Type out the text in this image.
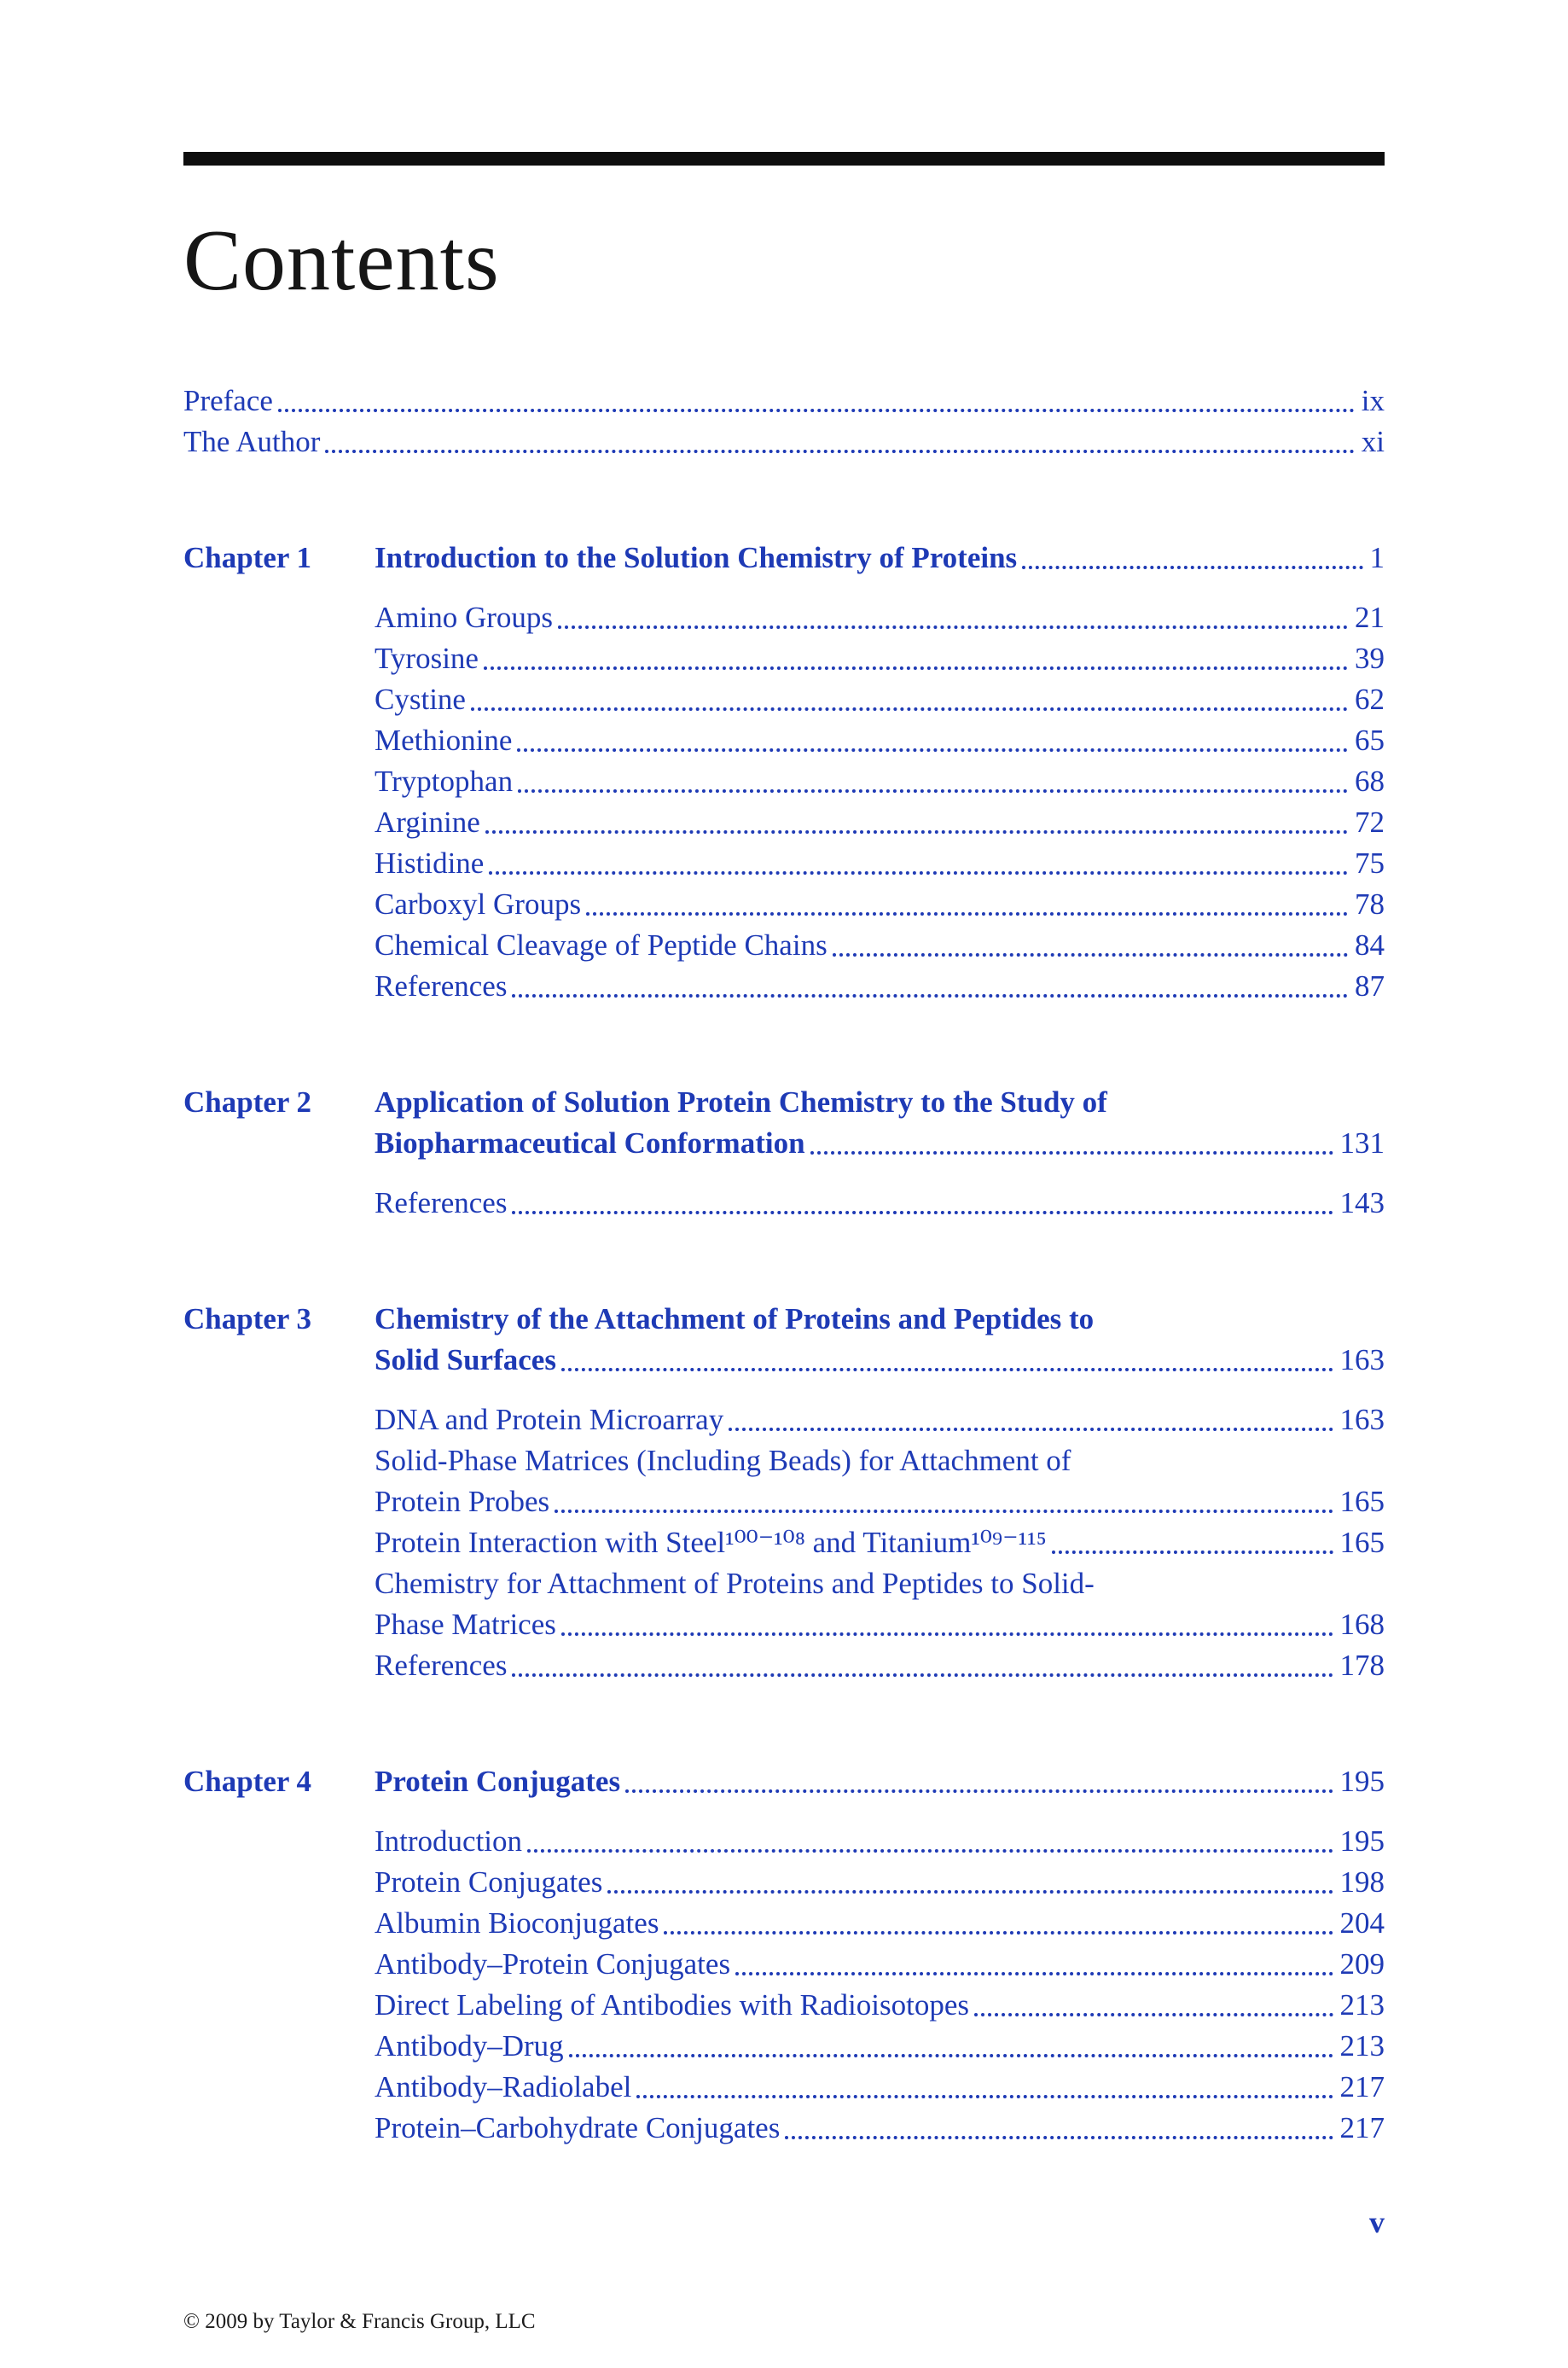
Contents
Preface	ix
The Author	xi
Chapter 1	Introduction to the Solution Chemistry of Proteins	1
Amino Groups	21
Tyrosine	39
Cystine	62
Methionine	65
Tryptophan	68
Arginine	72
Histidine	75
Carboxyl Groups	78
Chemical Cleavage of Peptide Chains	84
References	87
Chapter 2	Application of Solution Protein Chemistry to the Study of
Biopharmaceutical Conformation	131
References	143
Chapter 3	Chemistry of the Attachment of Proteins and Peptides to
Solid Surfaces	163
DNA and Protein Microarray	163
Solid-Phase Matrices (Including Beads) for Attachment of
Protein Probes	165
Protein Interaction with Steel¹⁰⁰⁻¹⁰⁸ and Titanium¹⁰⁹⁻¹¹⁵	165
Chemistry for Attachment of Proteins and Peptides to Solid-
Phase Matrices	168
References	178
Chapter 4	Protein Conjugates	195
Introduction	195
Protein Conjugates	198
Albumin Bioconjugates	204
Antibody–Protein Conjugates	209
Direct Labeling of Antibodies with Radioisotopes	213
Antibody–Drug	213
Antibody–Radiolabel	217
Protein–Carbohydrate Conjugates	217
v
© 2009 by Taylor & Francis Group, LLC
